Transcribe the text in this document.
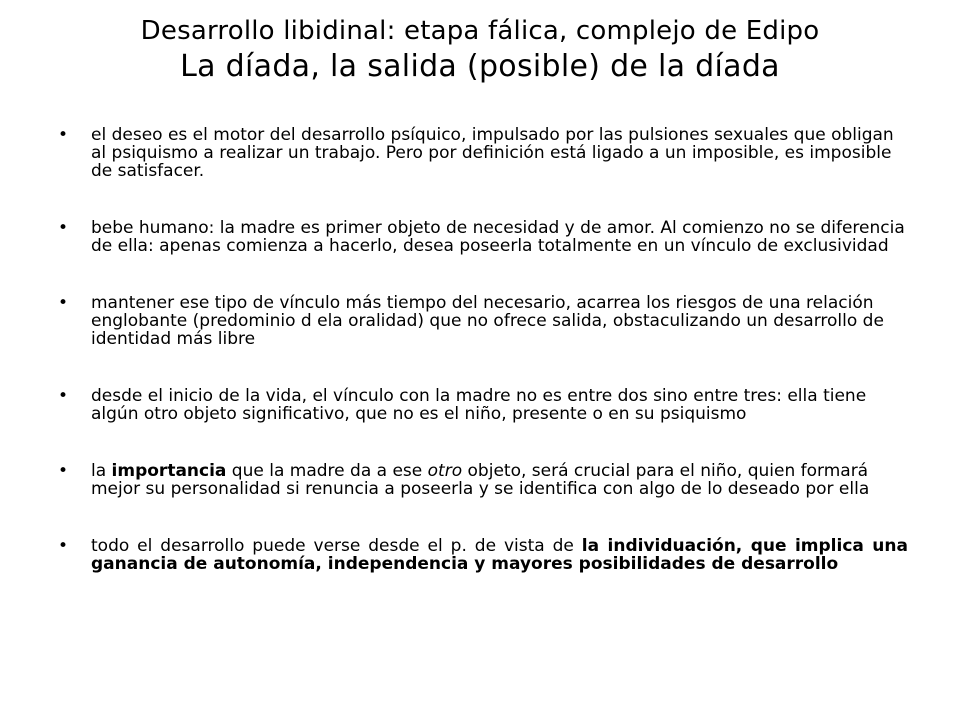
Desarrollo libidinal: etapa fálica, complejo de Edipo
La díada, la salida (posible) de la díada
• el deseo es el motor del desarrollo psíquico, impulsado por las pulsiones sexuales que obligan al psiquismo a realizar un trabajo. Pero por definición está ligado a un imposible, es imposible de satisfacer.
• bebe humano: la madre es primer objeto de necesidad y de amor. Al comienzo no se diferencia de ella: apenas comienza a hacerlo, desea poseerla totalmente en un vínculo de exclusividad
• mantener ese tipo de vínculo más tiempo del necesario, acarrea los riesgos de una relación englobante (predominio d ela oralidad) que no ofrece salida, obstaculizando un desarrollo de identidad más libre
• desde el inicio de la vida, el vínculo con la madre no es entre dos sino entre tres: ella tiene algún otro objeto significativo, que no es el niño, presente o en su psiquismo
• la importancia que la madre da a ese otro objeto, será crucial para el niño, quien formará mejor su personalidad si renuncia a poseerla y se identifica con algo de lo deseado por ella
• todo el desarrollo puede verse desde el p. de vista de la individuación, que implica una ganancia de autonomía, independencia y mayores posibilidades de desarrollo
